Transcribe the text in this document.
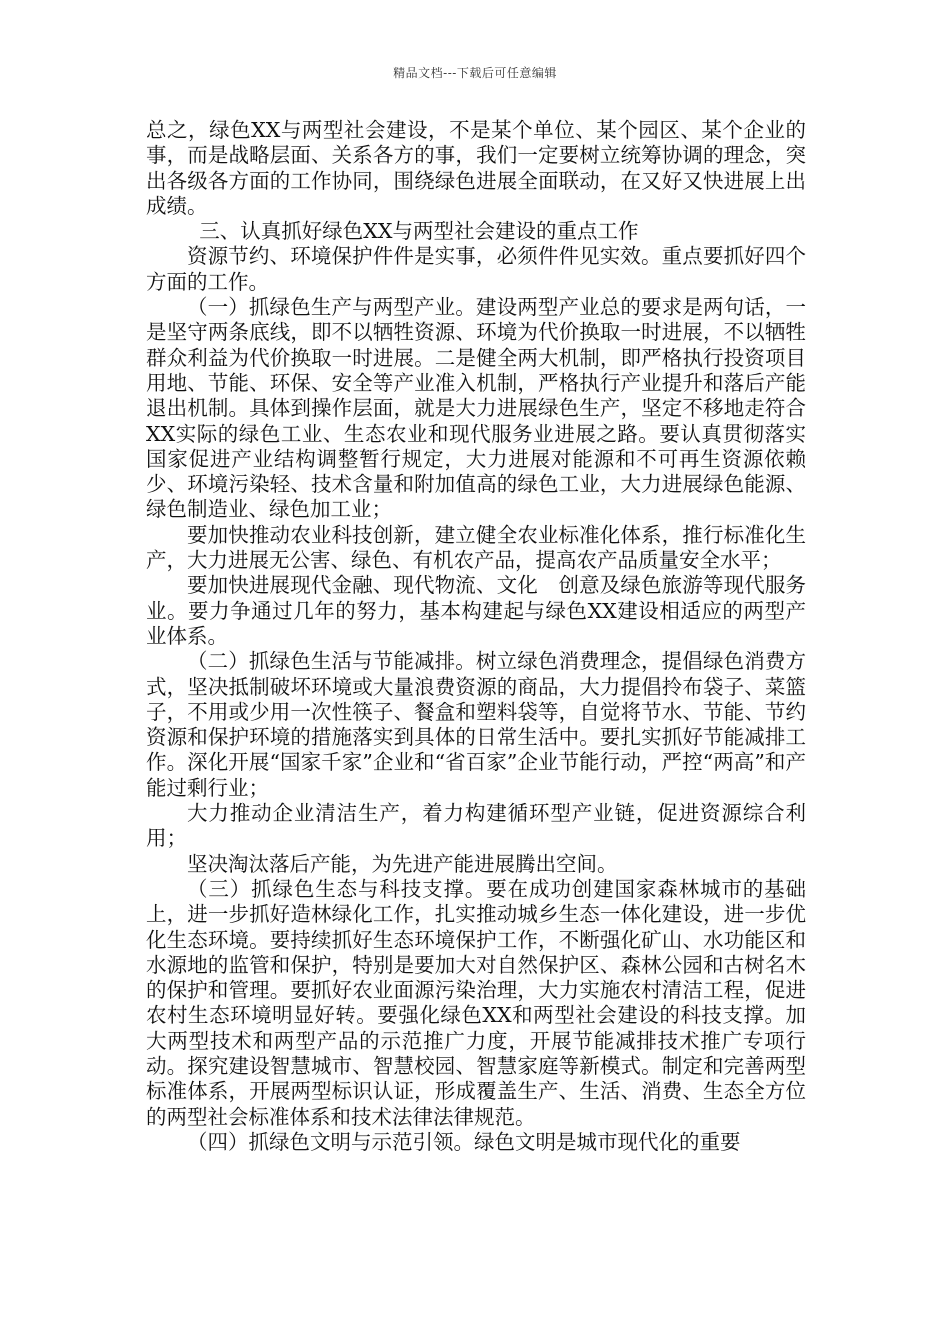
精品文档---下载后可任意编辑

总之，绿色XX与两型社会建设，不是某个单位、某个园区、某个企业的事，而是战略层面、关系各方的事，我们一定要树立统筹协调的理念，突出各级各方面的工作协同，围绕绿色进展全面联动，在又好又快进展上出成绩。

三、认真抓好绿色XX与两型社会建设的重点工作

资源节约、环境保护件件是实事，必须件件见实效。重点要抓好四个方面的工作。

（一）抓绿色生产与两型产业。建设两型产业总的要求是两句话，一是坚守两条底线，即不以牺牲资源、环境为代价换取一时进展，不以牺牲群众利益为代价换取一时进展。二是健全两大机制，即严格执行投资项目用地、节能、环保、安全等产业准入机制，严格执行产业提升和落后产能退出机制。具体到操作层面，就是大力进展绿色生产，坚定不移地走符合XX实际的绿色工业、生态农业和现代服务业进展之路。要认真贯彻落实国家促进产业结构调整暂行规定，大力进展对能源和不可再生资源依赖少、环境污染轻、技术含量和附加值高的绿色工业，大力进展绿色能源、绿色制造业、绿色加工业；

要加快推动农业科技创新，建立健全农业标准化体系，推行标准化生产，大力进展无公害、绿色、有机农产品，提高农产品质量安全水平；

要加快进展现代金融、现代物流、文化　创意及绿色旅游等现代服务业。要力争通过几年的努力，基本构建起与绿色XX建设相适应的两型产业体系。

（二）抓绿色生活与节能减排。树立绿色消费理念，提倡绿色消费方式，坚决抵制破坏环境或大量浪费资源的商品，大力提倡拎布袋子、菜篮子，不用或少用一次性筷子、餐盒和塑料袋等，自觉将节水、节能、节约资源和保护环境的措施落实到具体的日常生活中。要扎实抓好节能减排工作。深化开展“国家千家”企业和“省百家”企业节能行动，严控“两高”和产能过剩行业；

大力推动企业清洁生产，着力构建循环型产业链，促进资源综合利用；

坚决淘汰落后产能，为先进产能进展腾出空间。

（三）抓绿色生态与科技支撑。要在成功创建国家森林城市的基础上，进一步抓好造林绿化工作，扎实推动城乡生态一体化建设，进一步优化生态环境。要持续抓好生态环境保护工作，不断强化矿山、水功能区和水源地的监管和保护，特别是要加大对自然保护区、森林公园和古树名木的保护和管理。要抓好农业面源污染治理，大力实施农村清洁工程，促进农村生态环境明显好转。要强化绿色XX和两型社会建设的科技支撑。加大两型技术和两型产品的示范推广力度，开展节能减排技术推广专项行动。探究建设智慧城市、智慧校园、智慧家庭等新模式。制定和完善两型标准体系，开展两型标识认证，形成覆盖生产、生活、消费、生态全方位的两型社会标准体系和技术法律法律规范。

（四）抓绿色文明与示范引领。绿色文明是城市现代化的重要
